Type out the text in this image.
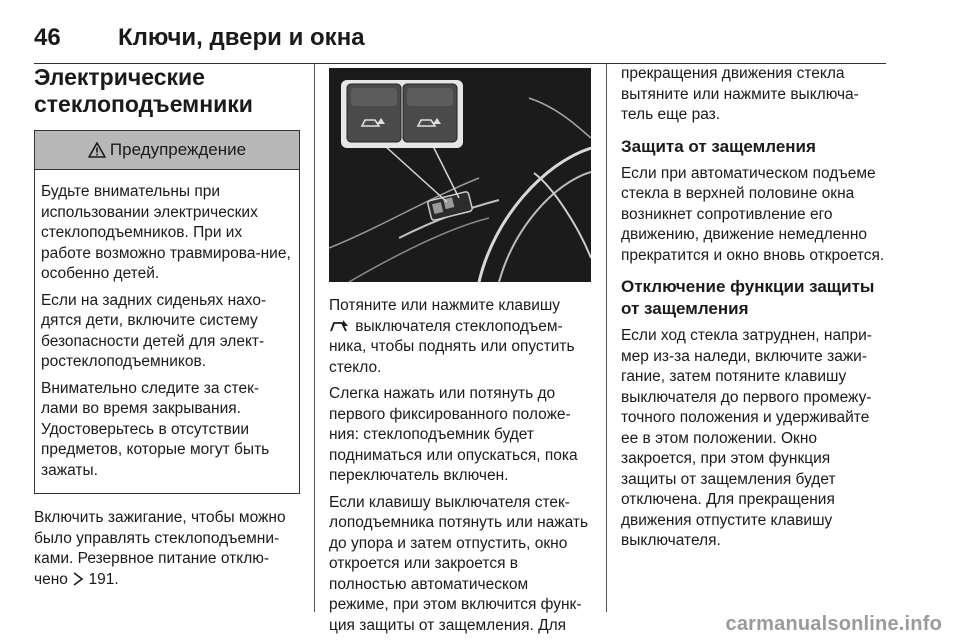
46 Ключи, двери и окна
Электрические
стеклоподъемники
Предупреждение

Будьте внимательны при использовании электрических стеклоподъемников. При их работе возможно травмирова‐ние, особенно детей.

Если на задних сиденьях нахо‐дятся дети, включите систему безопасности детей для элект‐ростеклоподъемников.

Внимательно следите за стек‐лами во время закрывания. Удостоверьтесь в отсутствии предметов, которые могут быть зажаты.

Включить зажигание, чтобы можно было управлять стеклоподъемни‐ками. Резервное питание отклю‐чено 191.

Потяните или нажмите клавишу
выключателя стеклоподъем‐ника, чтобы поднять или опустить стекло.

Слегка нажать или потянуть до первого фиксированного положе‐ния: стеклоподъемник будет подниматься или опускаться, пока переключатель включен.

Если клавишу выключателя стек‐лоподъемника потянуть или нажать до упора и затем отпустить, окно откроется или закроется в полностью автоматическом режиме, при этом включится функ‐ция защиты от защемления. Для

прекращения движения стекла вытяните или нажмите выключа‐тель еще раз.

Защита от защемления

Если при автоматическом подъеме стекла в верхней половине окна возникнет сопротивление его движению, движение немедленно прекратится и окно вновь откроется.

Отключение функции защиты от защемления

Если ход стекла затруднен, напри‐мер из-за наледи, включите зажи‐гание, затем потяните клавишу выключателя до первого промежу‐точного положения и удерживайте ее в этом положении. Окно закроется, при этом функция защиты от защемления будет отключена. Для прекращения движения отпустите клавишу выключателя.

carmanualsonline.info
